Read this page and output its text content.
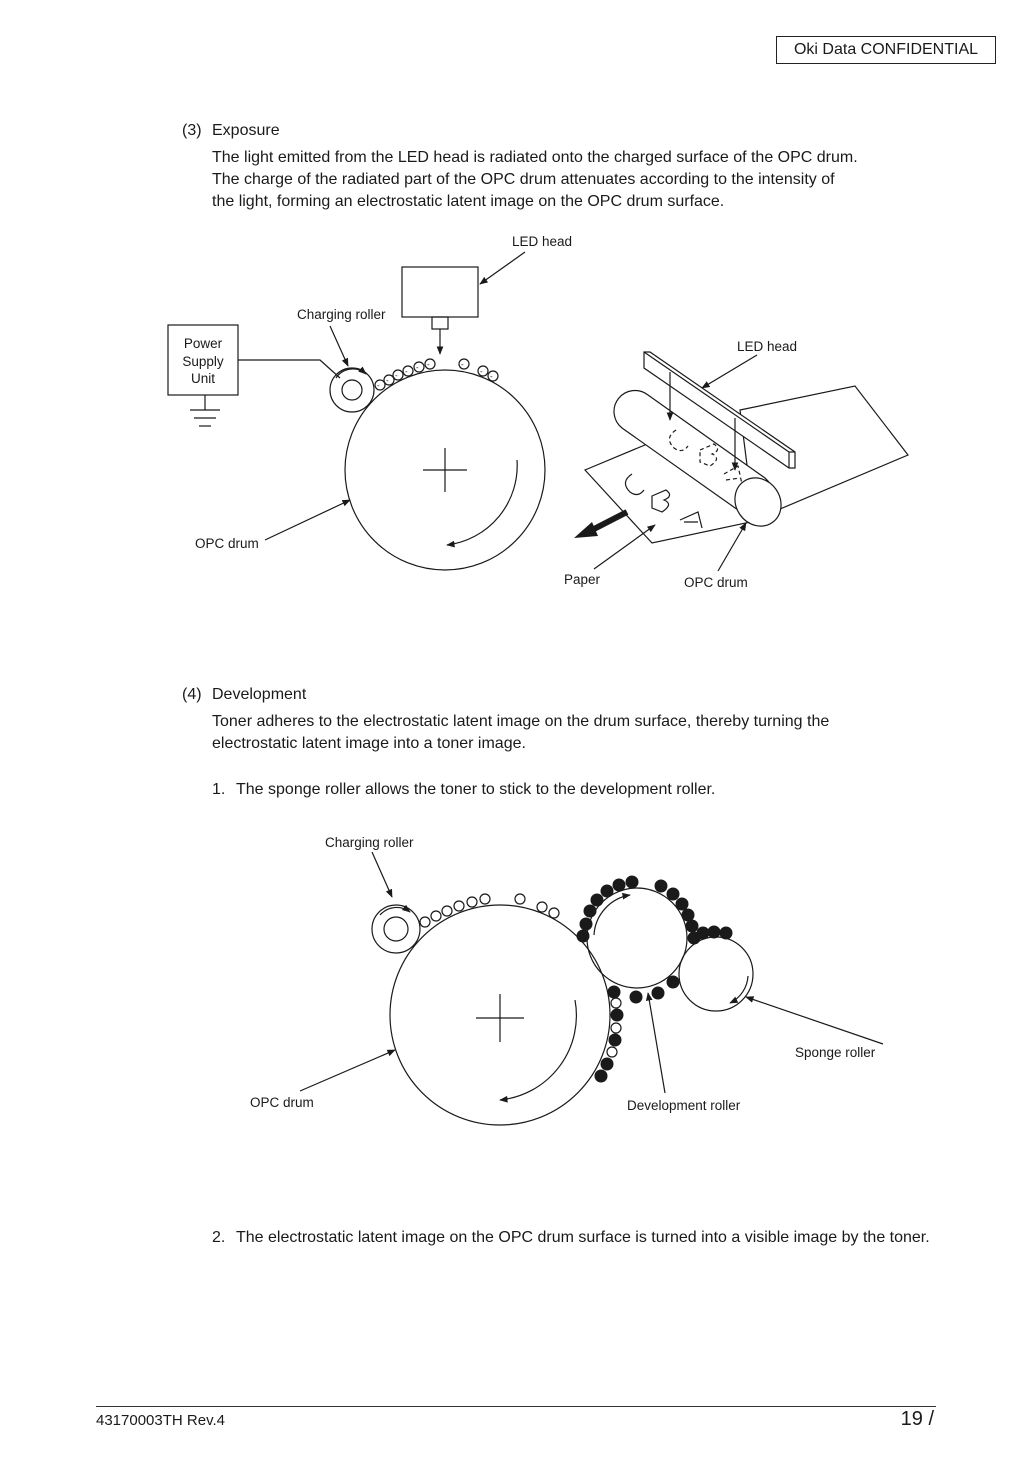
Oki Data CONFIDENTIAL
(3) Exposure
The light emitted from the LED head is radiated onto the charged surface of the OPC drum.
The charge of the radiated part of the OPC drum attenuates according to the intensity of
the light, forming an electrostatic latent image on the OPC drum surface.
LED head
Charging roller
Power
Supply
Unit
OPC drum
LED head
Paper	OPC drum
-
-
- - - -	-
-
-
Charging roller
Sponge roller
OPC drum	Development roller
(4) Development
Toner adheres to the electrostatic latent image on the drum surface, thereby turning the
electrostatic latent image into a toner image.
1. The sponge roller allows the toner to stick to the development roller.
2. The electrostatic latent image on the OPC drum surface is turned into a visible image by the toner.
43170003TH Rev.4	19 /
